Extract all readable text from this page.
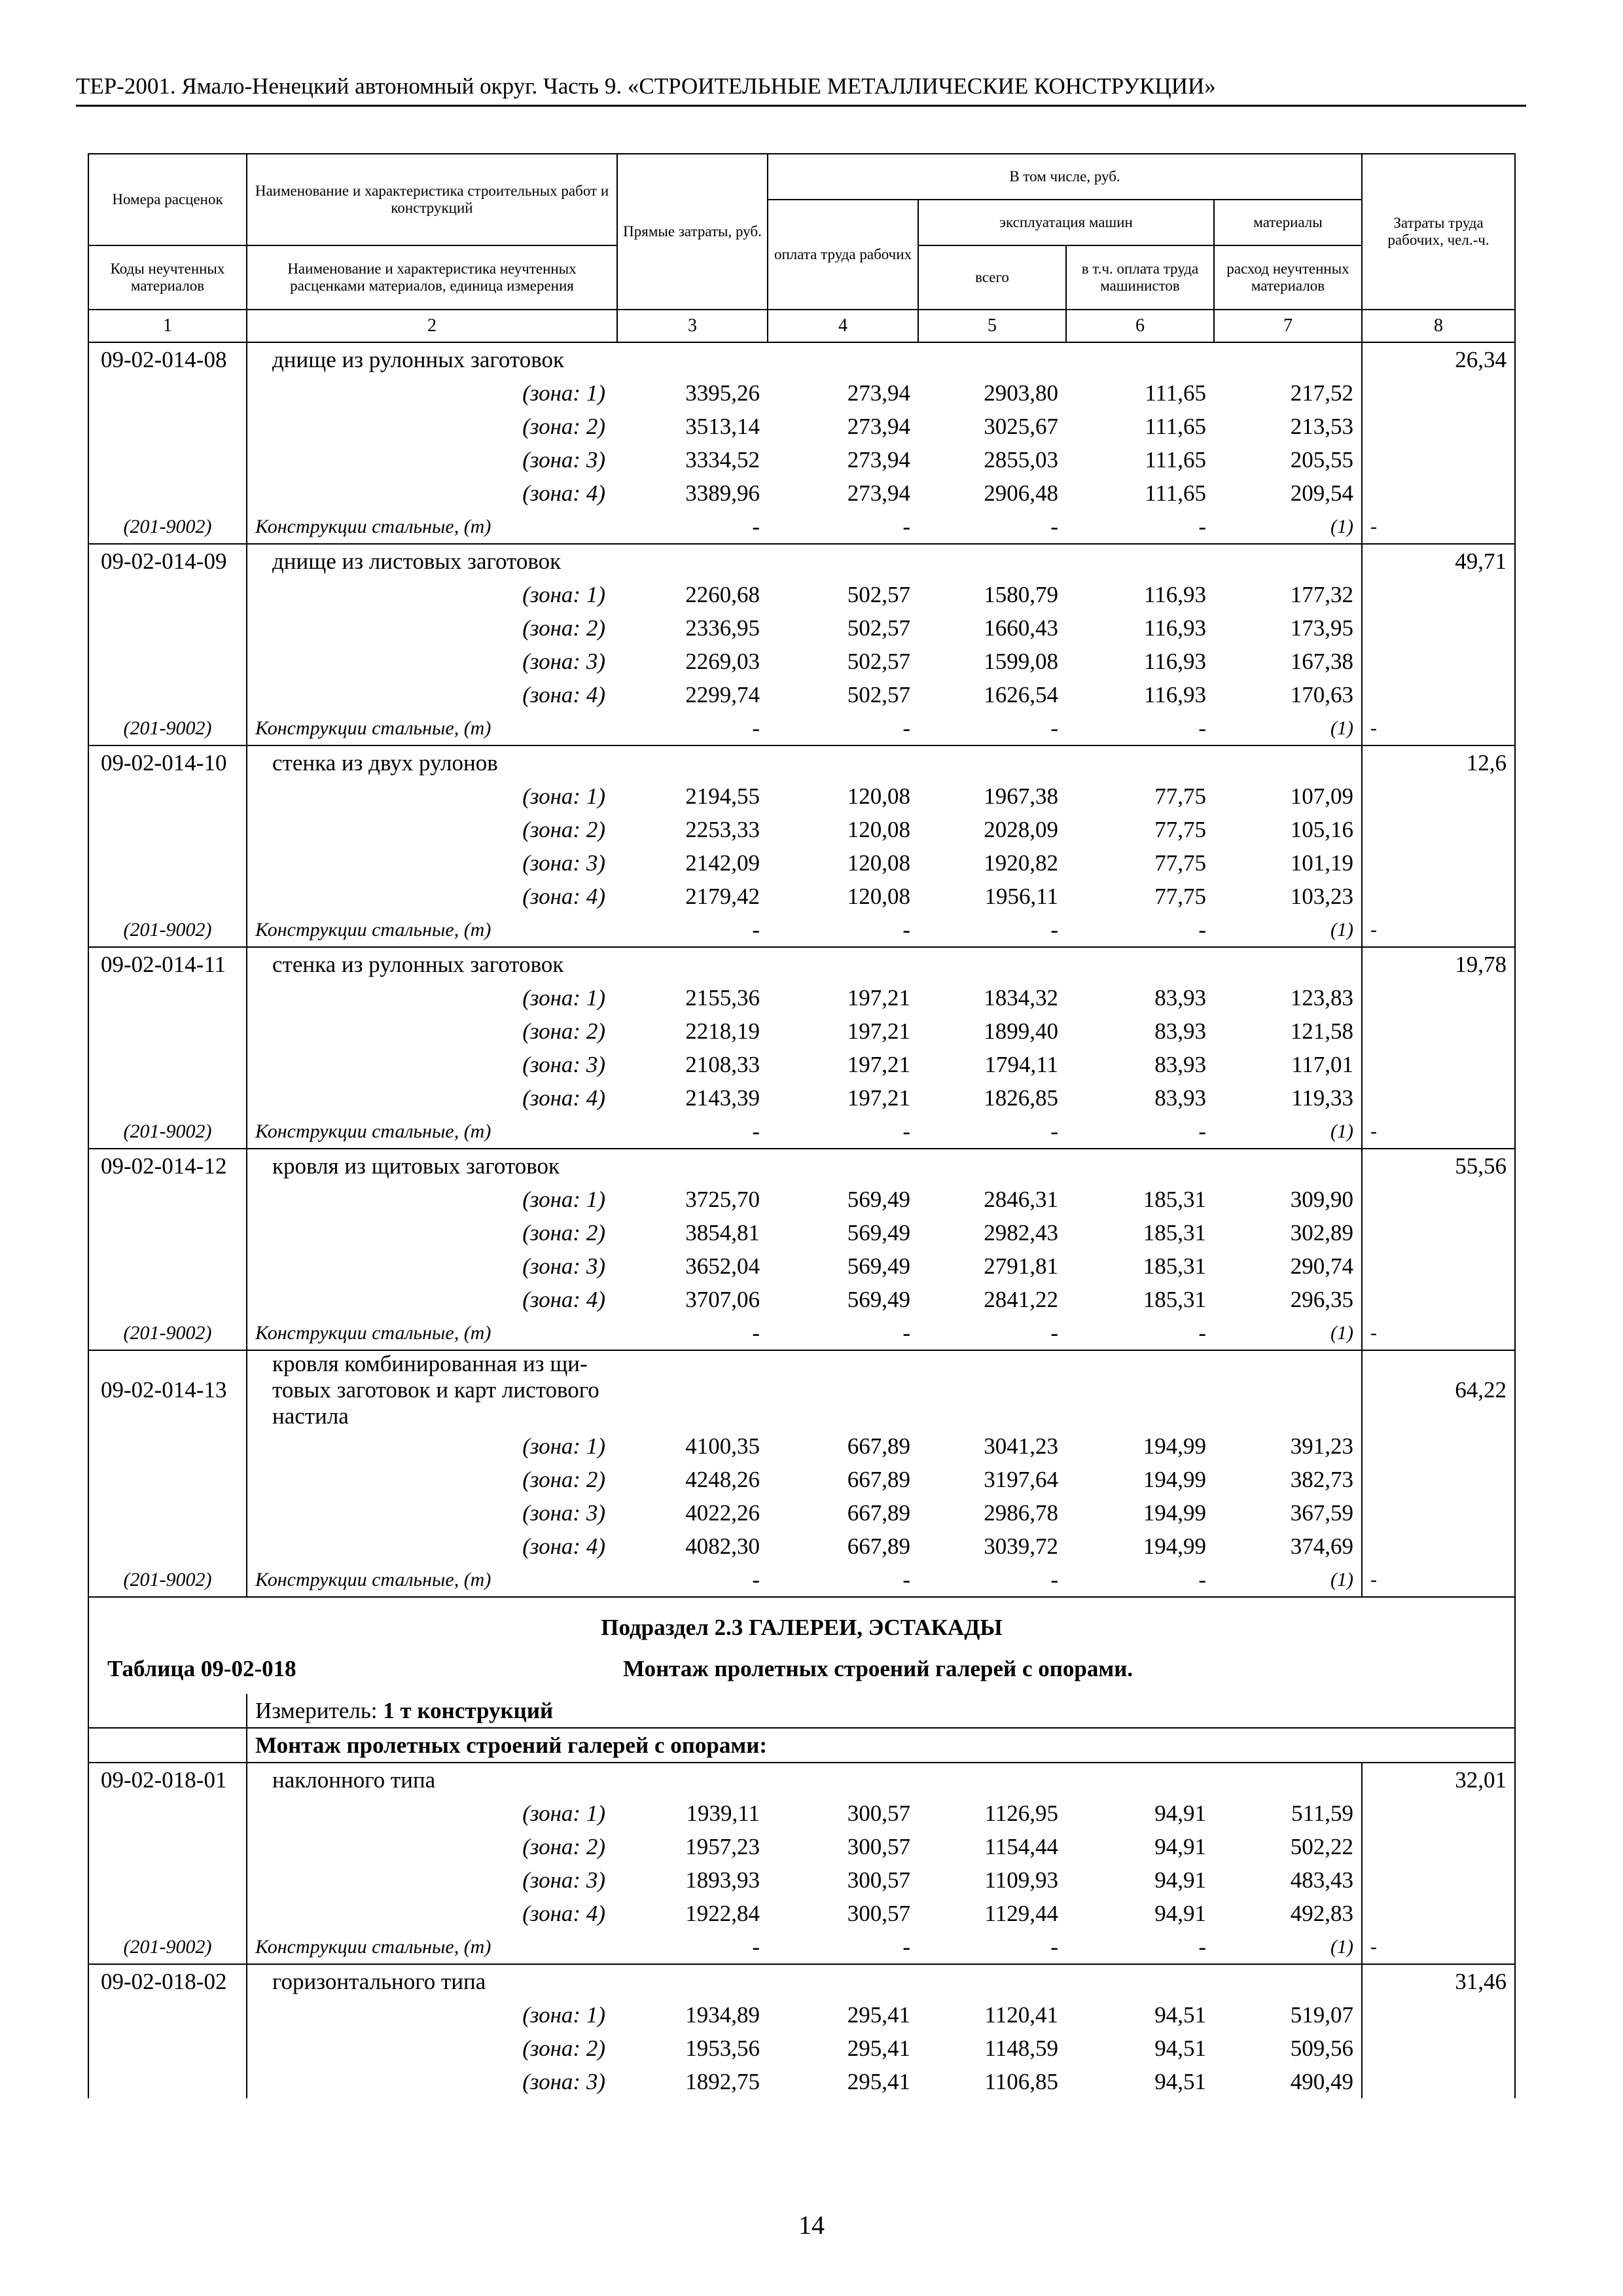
ТЕР-2001. Ямало-Ненецкий автономный округ. Часть 9. «СТРОИТЕЛЬНЫЕ МЕТАЛЛИЧЕСКИЕ КОНСТРУКЦИИ»
Номера расценок	Наименование и характеристика строительных работ и конструкций	Прямые затраты, руб.	В том числе, руб.				Затраты труда рабочих, чел.-ч.
			оплата труда рабочих	эксплуатация машин		материалы	
Коды неучтенных материалов	Наименование и характеристика неучтенных расценками материалов, единица измерения			всего	в т.ч. оплата труда машинистов	расход неучтенных материалов	
1	2	3	4	5	6	7	8
09-02-014-08	днище из рулонных заготовок						26,34
	(зона: 1)	3395,26	273,94	2903,80	111,65	217,52	
	(зона: 2)	3513,14	273,94	3025,67	111,65	213,53	
	(зона: 3)	3334,52	273,94	2855,03	111,65	205,55	
	(зона: 4)	3389,96	273,94	2906,48	111,65	209,54	
(201-9002)	Конструкции стальные, (т)	-	-	-	-	(1)	-
09-02-014-09	днище из листовых заготовок						49,71
	(зона: 1)	2260,68	502,57	1580,79	116,93	177,32	
	(зона: 2)	2336,95	502,57	1660,43	116,93	173,95	
	(зона: 3)	2269,03	502,57	1599,08	116,93	167,38	
	(зона: 4)	2299,74	502,57	1626,54	116,93	170,63	
(201-9002)	Конструкции стальные, (т)	-	-	-	-	(1)	-
09-02-014-10	стенка из двух рулонов						12,6
	(зона: 1)	2194,55	120,08	1967,38	77,75	107,09	
	(зона: 2)	2253,33	120,08	2028,09	77,75	105,16	
	(зона: 3)	2142,09	120,08	1920,82	77,75	101,19	
	(зона: 4)	2179,42	120,08	1956,11	77,75	103,23	
(201-9002)	Конструкции стальные, (т)	-	-	-	-	(1)	-
09-02-014-11	стенка из рулонных заготовок						19,78
	(зона: 1)	2155,36	197,21	1834,32	83,93	123,83	
	(зона: 2)	2218,19	197,21	1899,40	83,93	121,58	
	(зона: 3)	2108,33	197,21	1794,11	83,93	117,01	
	(зона: 4)	2143,39	197,21	1826,85	83,93	119,33	
(201-9002)	Конструкции стальные, (т)	-	-	-	-	(1)	-
09-02-014-12	кровля из щитовых заготовок						55,56
	(зона: 1)	3725,70	569,49	2846,31	185,31	309,90	
	(зона: 2)	3854,81	569,49	2982,43	185,31	302,89	
	(зона: 3)	3652,04	569,49	2791,81	185,31	290,74	
	(зона: 4)	3707,06	569,49	2841,22	185,31	296,35	
(201-9002)	Конструкции стальные, (т)	-	-	-	-	(1)	-
09-02-014-13	кровля комбинированная из щи-товых заготовок и карт листового настила						64,22
	(зона: 1)	4100,35	667,89	3041,23	194,99	391,23	
	(зона: 2)	4248,26	667,89	3197,64	194,99	382,73	
	(зона: 3)	4022,26	667,89	2986,78	194,99	367,59	
	(зона: 4)	4082,30	667,89	3039,72	194,99	374,69	
(201-9002)	Конструкции стальные, (т)	-	-	-	-	(1)	-
Подраздел 2.3 ГАЛЕРЕИ, ЭСТАКАДЫ							
Таблица 09-02-018 Монтаж пролетных строений галерей с опорами.							

	Измеритель: 1 т конструкций						
	Монтаж пролетных строений галерей с опорами:						
09-02-018-01	наклонного типа						32,01
	(зона: 1)	1939,11	300,57	1126,95	94,91	511,59	
	(зона: 2)	1957,23	300,57	1154,44	94,91	502,22	
	(зона: 3)	1893,93	300,57	1109,93	94,91	483,43	
	(зона: 4)	1922,84	300,57	1129,44	94,91	492,83	
(201-9002)	Конструкции стальные, (т)	-	-	-	-	(1)	-
09-02-018-02	горизонтального типа						31,46
	(зона: 1)	1934,89	295,41	1120,41	94,51	519,07	
	(зона: 2)	1953,56	295,41	1148,59	94,51	509,56	
	(зона: 3)	1892,75	295,41	1106,85	94,51	490,49	
14
